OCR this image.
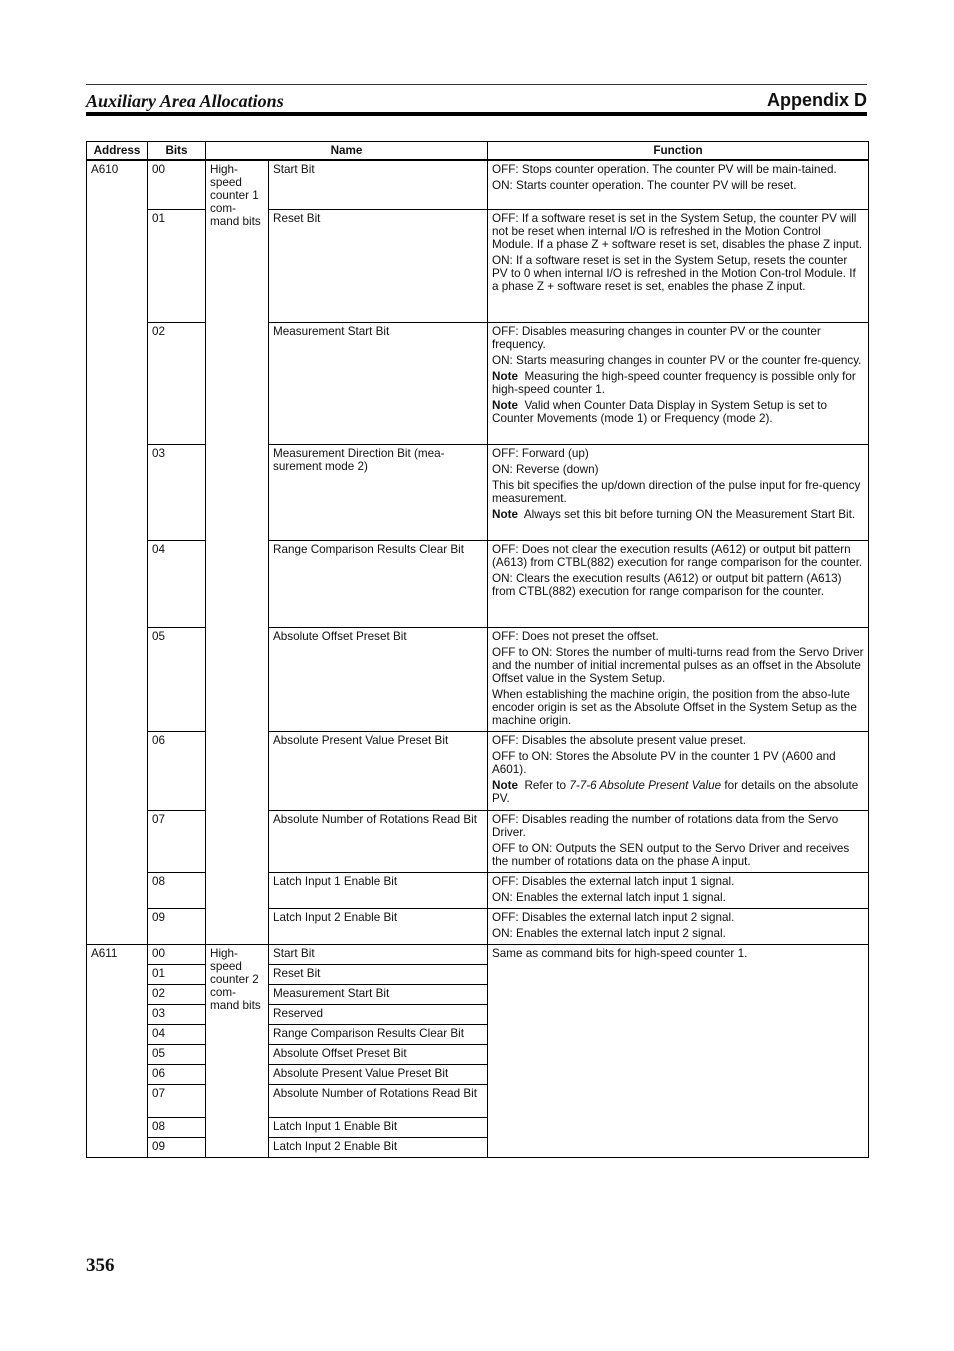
Auxiliary Area Allocations	Appendix D
Address	Bits	Name		Function
A610	00	High-speed counter 1 com-mand bits	Start Bit	OFF: Stops counter operation. The counter PV will be main-tained.
ON: Starts counter operation. The counter PV will be reset.

	01		Reset Bit	OFF: If a software reset is set in the System Setup, the counter PV will not be reset when internal I/O is refreshed in the Motion Control Module. If a phase Z + software reset is set, disables the phase Z input.
ON: If a software reset is set in the System Setup, resets the counter PV to 0 when internal I/O is refreshed in the Motion Con-trol Module. If a phase Z + software reset is set, enables the phase Z input.

	02		Measurement Start Bit	OFF: Disables measuring changes in counter PV or the counter frequency.
ON: Starts measuring changes in counter PV or the counter fre-quency.
Note Measuring the high-speed counter frequency is possible only for high-speed counter 1.
Note Valid when Counter Data Display in System Setup is set to Counter Movements (mode 1) or Frequency (mode 2).

	03		Measurement Direction Bit (mea-surement mode 2)	OFF: Forward (up)
ON: Reverse (down)
This bit specifies the up/down direction of the pulse input for fre-quency measurement.
Note Always set this bit before turning ON the Measurement Start Bit.

	04		Range Comparison Results Clear Bit	OFF: Does not clear the execution results (A612) or output bit pattern (A613) from CTBL(882) execution for range comparison for the counter.
ON: Clears the execution results (A612) or output bit pattern (A613) from CTBL(882) execution for range comparison for the counter.

	05		Absolute Offset Preset Bit	OFF: Does not preset the offset.
OFF to ON: Stores the number of multi-turns read from the Servo Driver and the number of initial incremental pulses as an offset in the Absolute Offset value in the System Setup.
When establishing the machine origin, the position from the abso-lute encoder origin is set as the Absolute Offset in the System Setup as the machine origin.

	06		Absolute Present Value Preset Bit	OFF: Disables the absolute present value preset.
OFF to ON: Stores the Absolute PV in the counter 1 PV (A600 and A601).
Note Refer to 7-7-6 Absolute Present Value for details on the absolute PV.

	07		Absolute Number of Rotations Read Bit	OFF: Disables reading the number of rotations data from the Servo Driver.
OFF to ON: Outputs the SEN output to the Servo Driver and receives the number of rotations data on the phase A input.

	08		Latch Input 1 Enable Bit	OFF: Disables the external latch input 1 signal.
ON: Enables the external latch input 1 signal.

	09		Latch Input 2 Enable Bit	OFF: Disables the external latch input 2 signal.
ON: Enables the external latch input 2 signal.

A611	00	High-speed counter 2 com-mand bits	Start Bit	Same as command bits for high-speed counter 1.
	01		Reset Bit	
	02		Measurement Start Bit	
	03		Reserved	
	04		Range Comparison Results Clear Bit	
	05		Absolute Offset Preset Bit	
	06		Absolute Present Value Preset Bit	
	07		Absolute Number of Rotations Read Bit	
	08		Latch Input 1 Enable Bit	
	09		Latch Input 2 Enable Bit	
356
